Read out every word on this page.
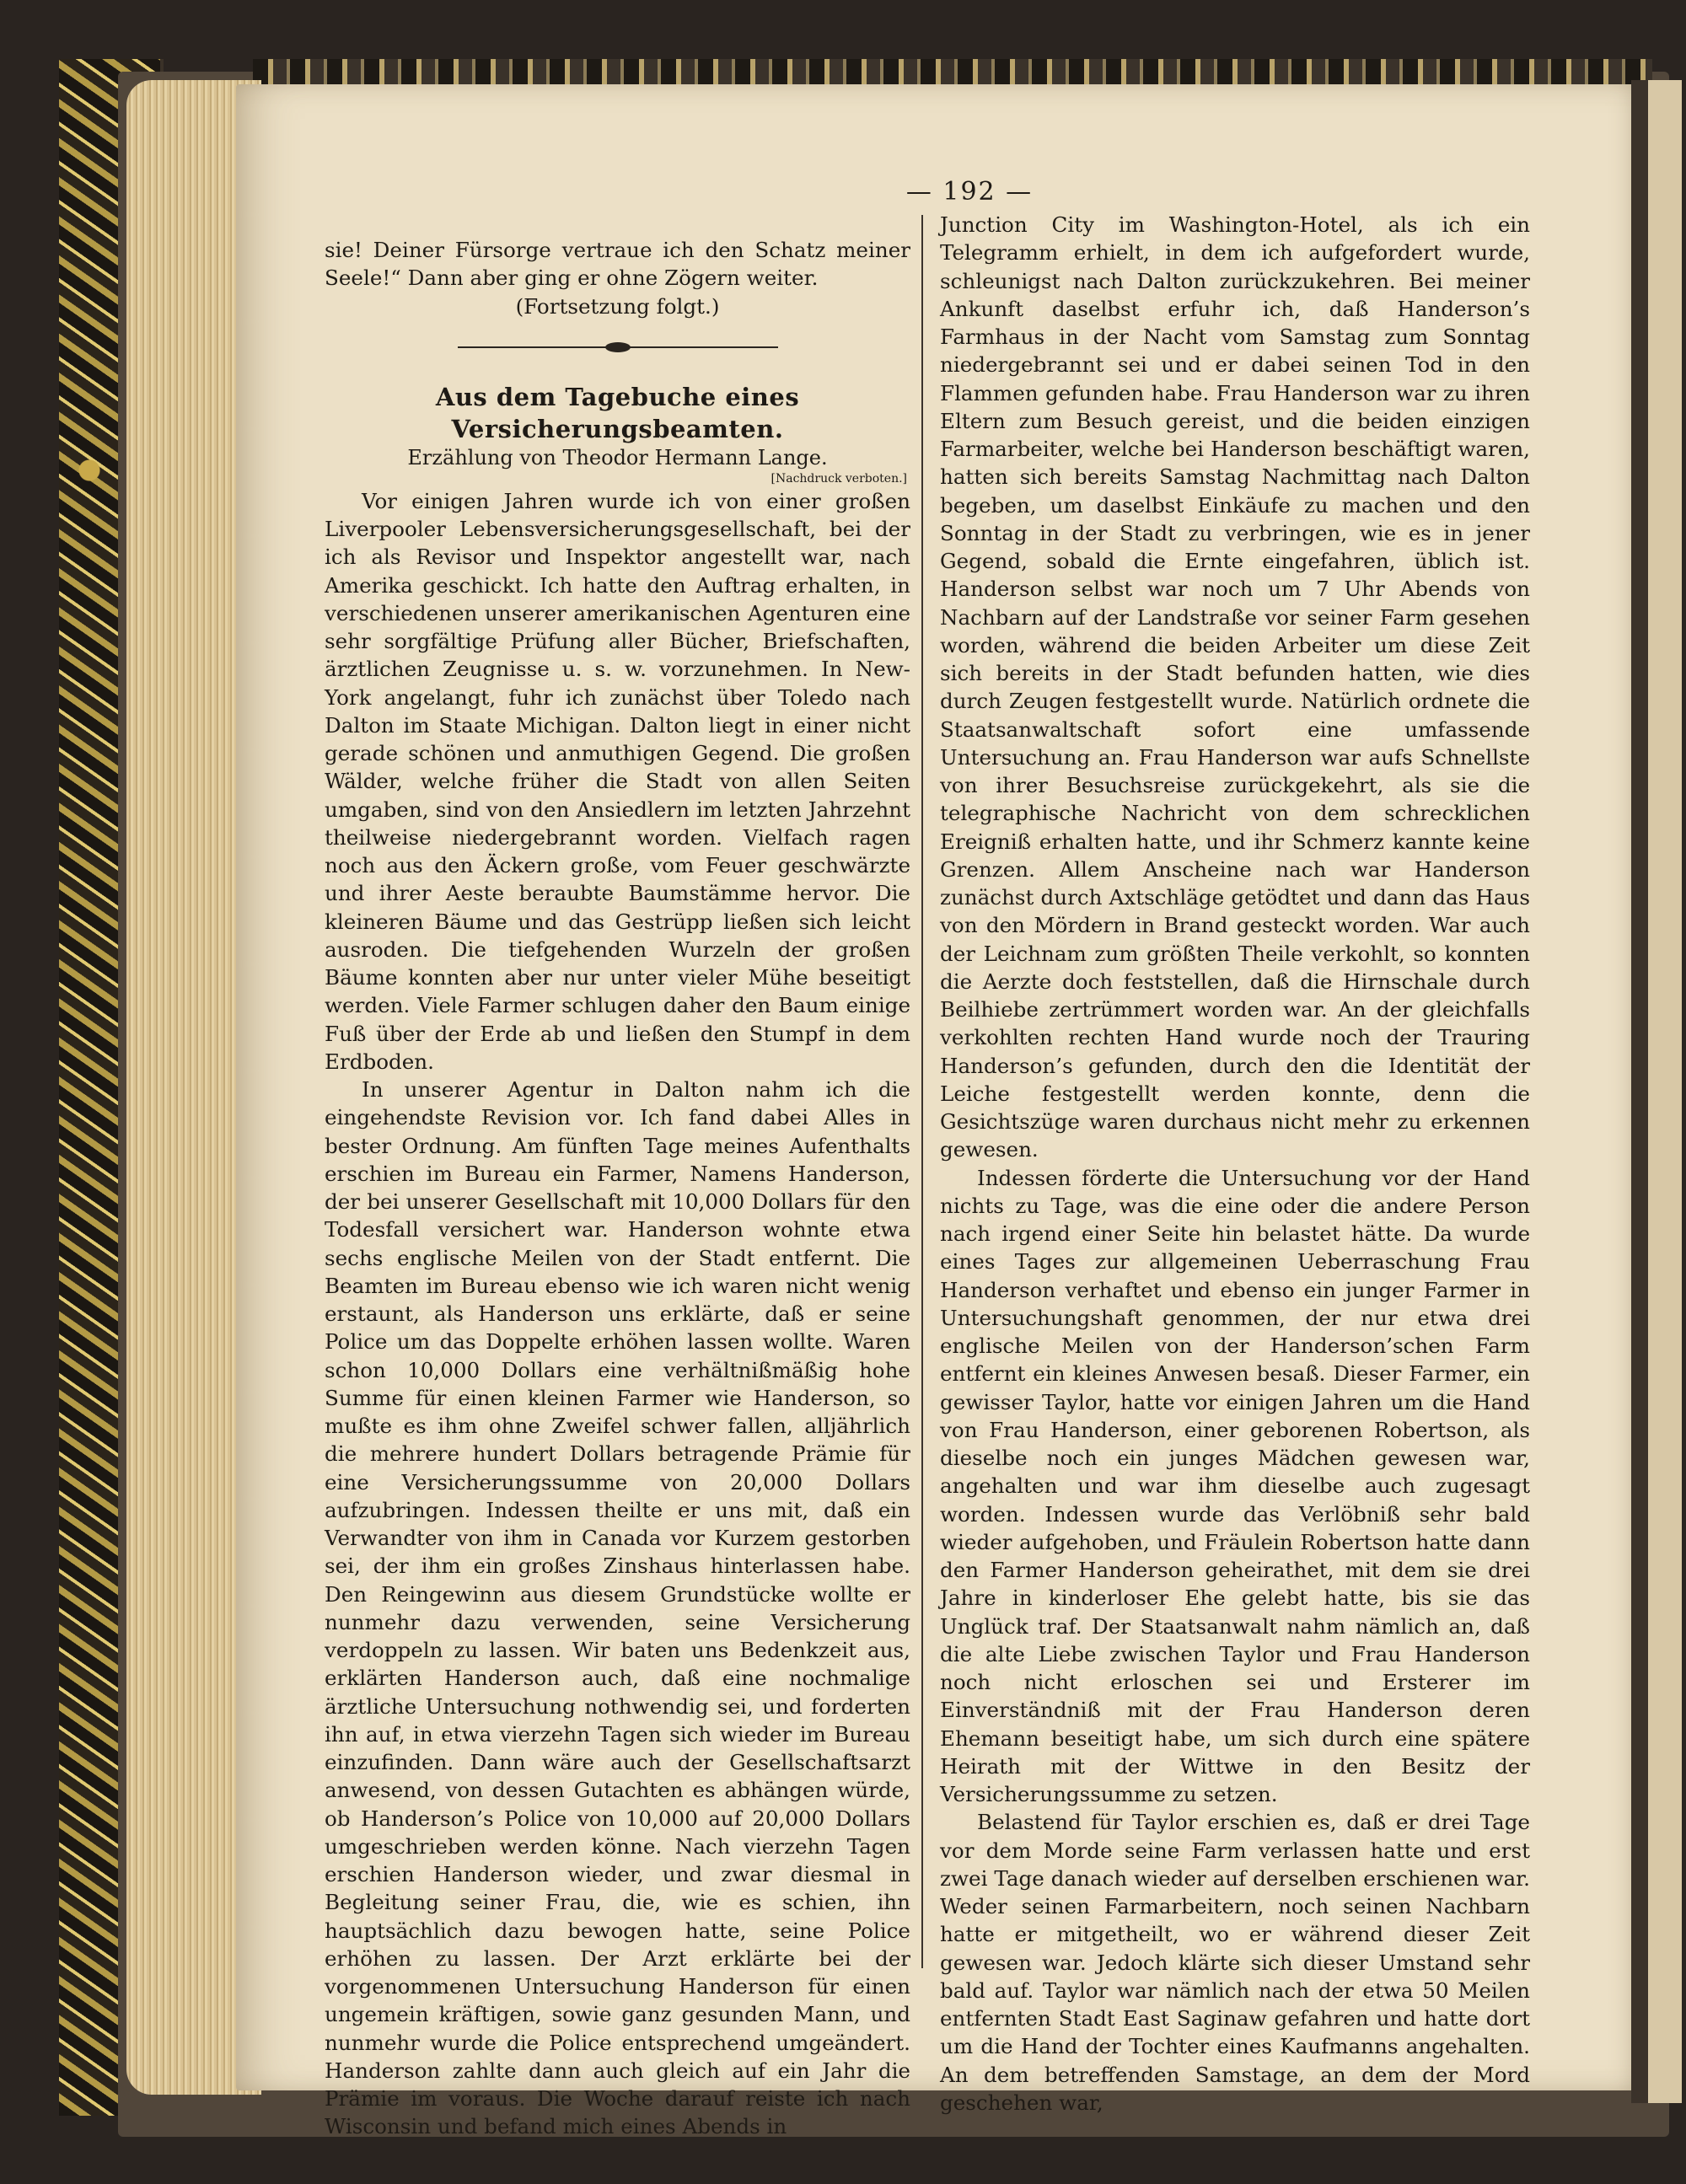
— 192 —

sie! Deiner Fürsorge vertraue ich den Schatz meiner Seele!“ Dann aber ging er ohne Zögern weiter.

(Fortsetzung folgt.)

Aus dem Tagebuche eines Versicherungsbeamten.

Erzählung von Theodor Hermann Lange.

[Nachdruck verboten.]

Vor einigen Jahren wurde ich von einer großen Liverpooler Lebensversicherungsgesellschaft, bei der ich als Revisor und Inspektor angestellt war, nach Amerika geschickt. Ich hatte den Auftrag erhalten, in verschiedenen unserer amerikanischen Agenturen eine sehr sorgfältige Prüfung aller Bücher, Briefschaften, ärztlichen Zeugnisse u. s. w. vorzunehmen. In New-York angelangt, fuhr ich zunächst über Toledo nach Dalton im Staate Michigan. Dalton liegt in einer nicht gerade schönen und anmuthigen Gegend. Die großen Wälder, welche früher die Stadt von allen Seiten umgaben, sind von den Ansiedlern im letzten Jahrzehnt theilweise niedergebrannt worden. Vielfach ragen noch aus den Äckern große, vom Feuer geschwärzte und ihrer Aeste beraubte Baumstämme hervor. Die kleineren Bäume und das Gestrüpp ließen sich leicht ausroden. Die tiefgehenden Wurzeln der großen Bäume konnten aber nur unter vieler Mühe beseitigt werden. Viele Farmer schlugen daher den Baum einige Fuß über der Erde ab und ließen den Stumpf in dem Erdboden.

In unserer Agentur in Dalton nahm ich die eingehendste Revision vor. Ich fand dabei Alles in bester Ordnung. Am fünften Tage meines Aufenthalts erschien im Bureau ein Farmer, Namens Handerson, der bei unserer Gesellschaft mit 10,000 Dollars für den Todesfall versichert war. Handerson wohnte etwa sechs englische Meilen von der Stadt entfernt. Die Beamten im Bureau ebenso wie ich waren nicht wenig erstaunt, als Handerson uns erklärte, daß er seine Police um das Doppelte erhöhen lassen wollte. Waren schon 10,000 Dollars eine verhältnißmäßig hohe Summe für einen kleinen Farmer wie Handerson, so mußte es ihm ohne Zweifel schwer fallen, alljährlich die mehrere hundert Dollars betragende Prämie für eine Versicherungssumme von 20,000 Dollars aufzubringen. Indessen theilte er uns mit, daß ein Verwandter von ihm in Canada vor Kurzem gestorben sei, der ihm ein großes Zinshaus hinterlassen habe. Den Reingewinn aus diesem Grundstücke wollte er nunmehr dazu verwenden, seine Versicherung verdoppeln zu lassen. Wir baten uns Bedenkzeit aus, erklärten Handerson auch, daß eine nochmalige ärztliche Untersuchung nothwendig sei, und forderten ihn auf, in etwa vierzehn Tagen sich wieder im Bureau einzufinden. Dann wäre auch der Gesellschaftsarzt anwesend, von dessen Gutachten es abhängen würde, ob Handerson’s Police von 10,000 auf 20,000 Dollars umgeschrieben werden könne. Nach vierzehn Tagen erschien Handerson wieder, und zwar diesmal in Begleitung seiner Frau, die, wie es schien, ihn hauptsächlich dazu bewogen hatte, seine Police erhöhen zu lassen. Der Arzt erklärte bei der vorgenommenen Untersuchung Handerson für einen ungemein kräftigen, sowie ganz gesunden Mann, und nunmehr wurde die Police entsprechend umgeändert. Handerson zahlte dann auch gleich auf ein Jahr die Prämie im voraus. Die Woche darauf reiste ich nach Wisconsin und befand mich eines Abends in

Junction City im Washington-Hotel, als ich ein Telegramm erhielt, in dem ich aufgefordert wurde, schleunigst nach Dalton zurückzukehren. Bei meiner Ankunft daselbst erfuhr ich, daß Handerson’s Farmhaus in der Nacht vom Samstag zum Sonntag niedergebrannt sei und er dabei seinen Tod in den Flammen gefunden habe. Frau Handerson war zu ihren Eltern zum Besuch gereist, und die beiden einzigen Farmarbeiter, welche bei Handerson beschäftigt waren, hatten sich bereits Samstag Nachmittag nach Dalton begeben, um daselbst Einkäufe zu machen und den Sonntag in der Stadt zu verbringen, wie es in jener Gegend, sobald die Ernte eingefahren, üblich ist. Handerson selbst war noch um 7 Uhr Abends von Nachbarn auf der Landstraße vor seiner Farm gesehen worden, während die beiden Arbeiter um diese Zeit sich bereits in der Stadt befunden hatten, wie dies durch Zeugen festgestellt wurde. Natürlich ordnete die Staatsanwaltschaft sofort eine umfassende Untersuchung an. Frau Handerson war aufs Schnellste von ihrer Besuchsreise zurückgekehrt, als sie die telegraphische Nachricht von dem schrecklichen Ereigniß erhalten hatte, und ihr Schmerz kannte keine Grenzen. Allem Anscheine nach war Handerson zunächst durch Axtschläge getödtet und dann das Haus von den Mördern in Brand gesteckt worden. War auch der Leichnam zum größten Theile verkohlt, so konnten die Aerzte doch feststellen, daß die Hirnschale durch Beilhiebe zertrümmert worden war. An der gleichfalls verkohlten rechten Hand wurde noch der Trauring Handerson’s gefunden, durch den die Identität der Leiche festgestellt werden konnte, denn die Gesichtszüge waren durchaus nicht mehr zu erkennen gewesen.

Indessen förderte die Untersuchung vor der Hand nichts zu Tage, was die eine oder die andere Person nach irgend einer Seite hin belastet hätte. Da wurde eines Tages zur allgemeinen Ueberraschung Frau Handerson verhaftet und ebenso ein junger Farmer in Untersuchungshaft genommen, der nur etwa drei englische Meilen von der Handerson’schen Farm entfernt ein kleines Anwesen besaß. Dieser Farmer, ein gewisser Taylor, hatte vor einigen Jahren um die Hand von Frau Handerson, einer geborenen Robertson, als dieselbe noch ein junges Mädchen gewesen war, angehalten und war ihm dieselbe auch zugesagt worden. Indessen wurde das Verlöbniß sehr bald wieder aufgehoben, und Fräulein Robertson hatte dann den Farmer Handerson geheirathet, mit dem sie drei Jahre in kinderloser Ehe gelebt hatte, bis sie das Unglück traf. Der Staatsanwalt nahm nämlich an, daß die alte Liebe zwischen Taylor und Frau Handerson noch nicht erloschen sei und Ersterer im Einverständniß mit der Frau Handerson deren Ehemann beseitigt habe, um sich durch eine spätere Heirath mit der Wittwe in den Besitz der Versicherungssumme zu setzen.

Belastend für Taylor erschien es, daß er drei Tage vor dem Morde seine Farm verlassen hatte und erst zwei Tage danach wieder auf derselben erschienen war. Weder seinen Farmarbeitern, noch seinen Nachbarn hatte er mitgetheilt, wo er während dieser Zeit gewesen war. Jedoch klärte sich dieser Umstand sehr bald auf. Taylor war nämlich nach der etwa 50 Meilen entfernten Stadt East Saginaw gefahren und hatte dort um die Hand der Tochter eines Kaufmanns angehalten. An dem betreffenden Samstage, an dem der Mord geschehen war,
